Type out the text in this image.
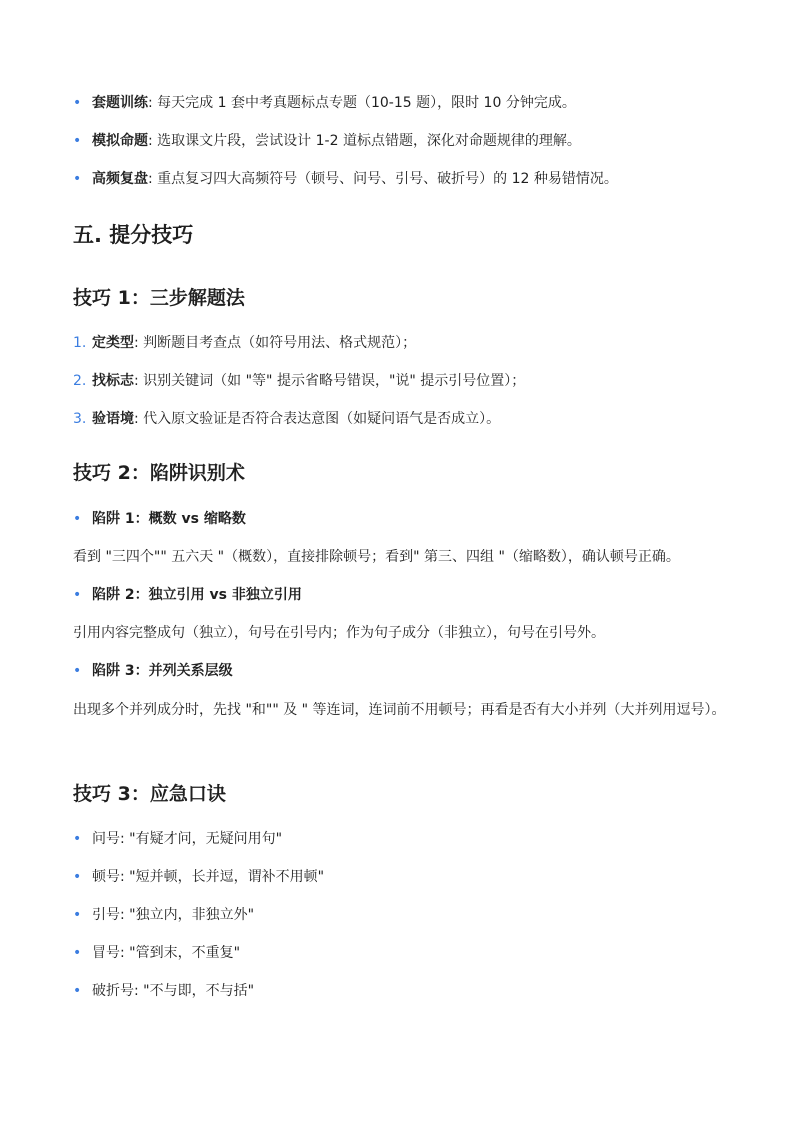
•
套题训练: 每天完成 1 套中考真题标点专题（10-15 题），限时 10 分钟完成。
•
模拟命题: 选取课文片段，尝试设计 1-2 道标点错题，深化对命题规律的理解。
•
高频复盘: 重点复习四大高频符号（顿号、问号、引号、破折号）的 12 种易错情况。
五. 提分技巧
技巧 1：三步解题法
1. 定类型: 判断题目考查点（如符号用法、格式规范）；
2. 找标志: 识别关键词（如 "等" 提示省略号错误，"说" 提示引号位置）；
3. 验语境: 代入原文验证是否符合表达意图（如疑问语气是否成立）。
技巧 2：陷阱识别术
•
陷阱 1：概数 vs 缩略数
看到 "三四个"" 五六天 "（概数），直接排除顿号；看到" 第三、四组 "（缩略数），确认顿号正确。
•
陷阱 2：独立引用 vs 非独立引用
引用内容完整成句（独立），句号在引号内；作为句子成分（非独立），句号在引号外。
•
陷阱 3：并列关系层级
出现多个并列成分时，先找 "和"" 及 " 等连词，连词前不用顿号；再看是否有大小并列（大并列用逗号）。
技巧 3：应急口诀
•
问号: "有疑才问，无疑问用句"
•
顿号: "短并顿，长并逗，谓补不用顿"
•
引号: "独立内，非独立外"
•
冒号: "管到末，不重复"
•
破折号: "不与即，不与括"
